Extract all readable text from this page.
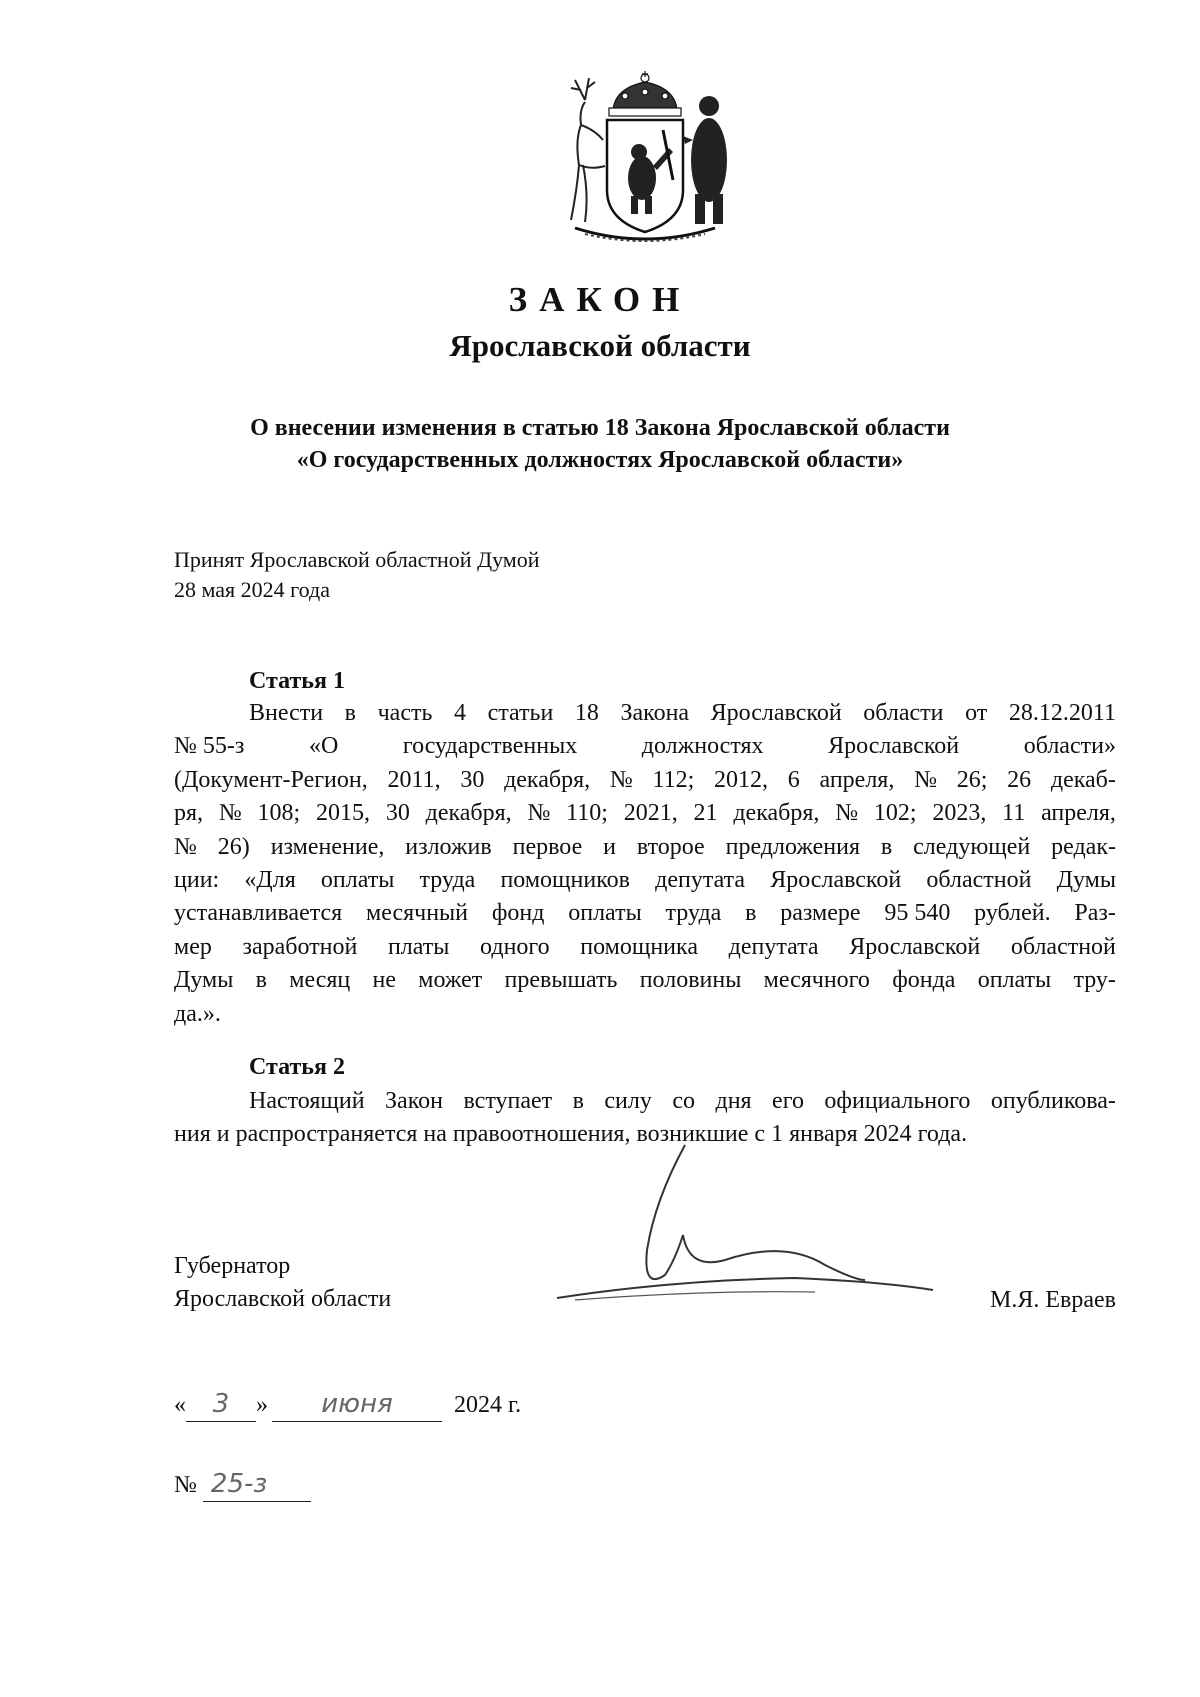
ЗАКОН
Ярославской области
О внесении изменения в статью 18 Закона Ярославской области
«О государственных должностях Ярославской области»
Принят Ярославской областной Думой
28 мая 2024 года
Статья 1
Внести в часть 4 статьи 18 Закона Ярославской области от 28.12.2011
№ 55-з	«О	государственных	должностях	Ярославской	области»
(Документ-Регион, 2011, 30 декабря, № 112; 2012, 6 апреля, № 26; 26 декаб-
ря, № 108; 2015, 30 декабря, № 110; 2021, 21 декабря, № 102; 2023, 11 апреля,
№ 26) изменение, изложив первое и второе предложения в следующей редак-
ции: «Для оплаты труда помощников депутата Ярославской областной Думы
устанавливается месячный фонд оплаты труда в размере 95 540 рублей. Раз-
мер заработной платы одного помощника депутата Ярославской областной
Думы в месяц не может превышать половины месячного фонда оплаты тру-
да.».
Статья 2
Настоящий Закон вступает в силу со дня его официального опубликова-
ния и распространяется на правоотношения, возникшие с 1 января 2024 года.
Губернатор
Ярославской области	М.Я. Евраев
« 3 » июня	2024 г.
№ 25-з
